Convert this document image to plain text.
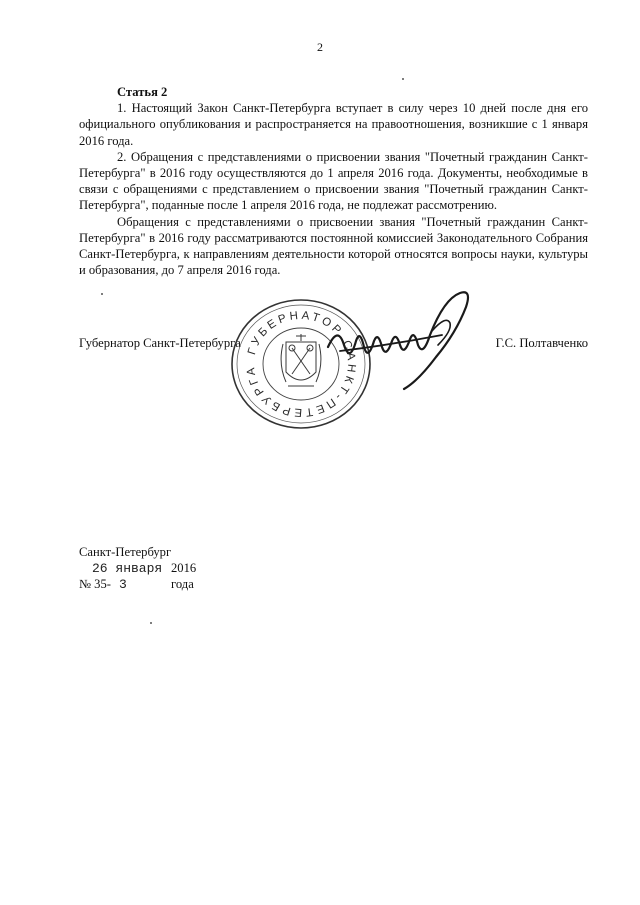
2

Статья 2

1. Настоящий Закон Санкт-Петербурга вступает в силу через 10 дней после дня его официального опубликования и распространяется на правоотношения, возникшие с 1 января 2016 года.

2. Обращения с представлениями о присвоении звания "Почетный гражданин Санкт-Петербурга" в 2016 году осуществляются до 1 апреля 2016 года. Документы, необходимые в связи с обращениями с представлением о присвоении звания "Почетный гражданин Санкт-Петербурга", поданные после 1 апреля 2016 года, не подлежат рассмотрению.

Обращения с представлениями о присвоении звания "Почетный гражданин Санкт-Петербурга" в 2016 году рассматриваются постоянной комиссией Законодательного Собрания Санкт-Петербурга, к направлениям деятельности которой относятся вопросы науки, культуры и образования, до 7 апреля 2016 года.

Губернатор Санкт-Петербурга	Г.С. Полтавченко
ГУБЕРНАТОР САНКТ-ПЕТЕРБУРГА
Санкт-Петербург
26 января 2016 года
№ 35- 3
